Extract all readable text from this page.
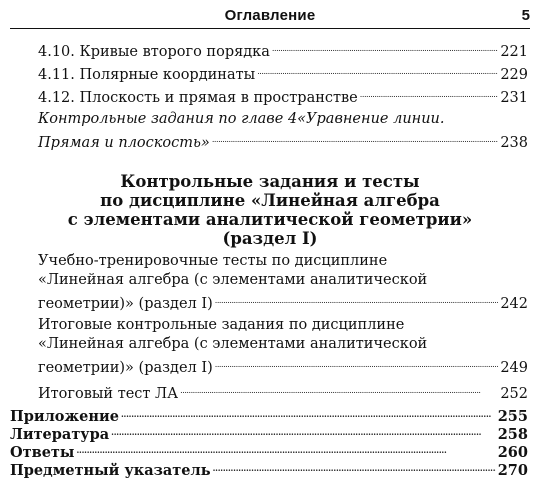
Оглавление	5
4.10. Кривые второго порядка . . .	221
4.11. Полярные координаты . . .	229
4.12. Плоскость и прямая в пространстве . . .	231
Контрольные задания по главе 4«Уравнение линии.
Прямая и плоскость» . . .	238
Контрольные задания и тесты
по дисциплине «Линейная алгебра
с элементами аналитической геометрии»
(раздел I)
Учебно-тренировочные тесты по дисциплине
«Линейная алгебра (с элементами аналитической
геометрии)» (раздел I) . . .	242
Итоговые контрольные задания по дисциплине
«Линейная алгебра (с элементами аналитической
геометрии)» (раздел I) . . .	249
Итоговый тест ЛА . . .	252
Приложение . . .	255
Литература . . .	258
Ответы . . .	260
Предметный указатель . . .	270
